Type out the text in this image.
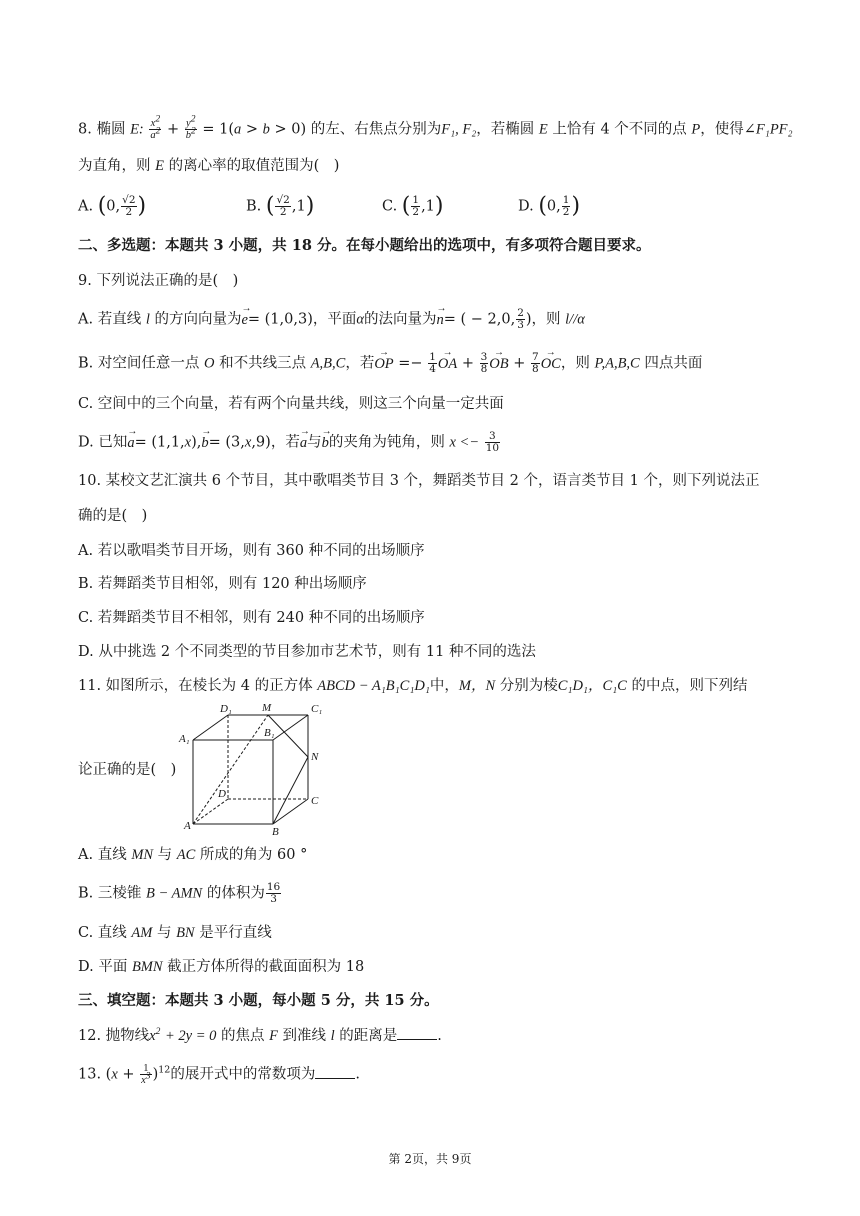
8. 椭圆 E: $\frac{x^2}{a^2} + \frac{y^2}{b^2} = 1(a > b > 0)$ 的左、右焦点分别为F₁, F₂，若椭圆 E 上恰有 4 个不同的点 P，使得∠F₁PF₂
为直角，则 E 的离心率的取值范围为(　)
A. (0, $\frac{√2}{2}$ )	B. ( $\frac{√2}{2} ,1$)	C. ( $\frac{1}{2} ,1$)	D. (0, $\frac{1}{2}$ )
二、多选题：本题共 3 小题，共 18 分。在每小题给出的选项中，有多项符合题目要求。
9. 下列说法正确的是(　)
A. 若直线 l 的方向向量为→ e= (1,0,3)，平面α的法向量为→ n= ( − 2,0, $\frac{2}{3}$ )，则 l//α
B. 对空间任意一点 O 和不共线三点 A,B,C，若→ OP =− $\frac{1}{4}$ → OA + $\frac{3}{8}$ → OB + $\frac{7}{8}$ → OC，则 P,A,B,C 四点共面
C. 空间中的三个向量，若有两个向量共线，则这三个向量一定共面
D. 已知→ a= (1,1,x),→ b= (3,x,9)，若→ a与→ b的夹角为钝角，则 $x <- \frac{3}{10}$
10. 某校文艺汇演共 6 个节目，其中歌唱类节目 3 个，舞蹈类节目 2 个，语言类节目 1 个，则下列说法正
确的是(　)
A. 若以歌唱类节目开场，则有 360 种不同的出场顺序
B. 若舞蹈类节目相邻，则有 120 种出场顺序
C. 若舞蹈类节目不相邻，则有 240 种不同的出场顺序
D. 从中挑选 2 个不同类型的节目参加市艺术节，则有 11 种不同的选法
11. 如图所示，在棱长为 4 的正方体 ABCD − A₁B₁C₁D₁中，M，N 分别为棱C₁D₁，C₁C 的中点，则下列结
论正确的是(　)
D₁	M	C₁
A₁	B₁
N
D
C
A	B
A. 直线 MN 与 AC 所成的角为 60 °
B. 三棱锥 B − AMN 的体积为 $\frac{16}{3}$
C. 直线 AM 与 BN 是平行直线
D. 平面 BMN 截正方体所得的截面面积为 18
三、填空题：本题共 3 小题，每小题 5 分，共 15 分。
12. 抛物线$x^2 + 2y = 0$ 的焦点 F 到准线 l 的距离是	.
13. $(x + \frac{1}{x^3} )^{12}$的展开式中的常数项为	.
第 2页，共 9页
